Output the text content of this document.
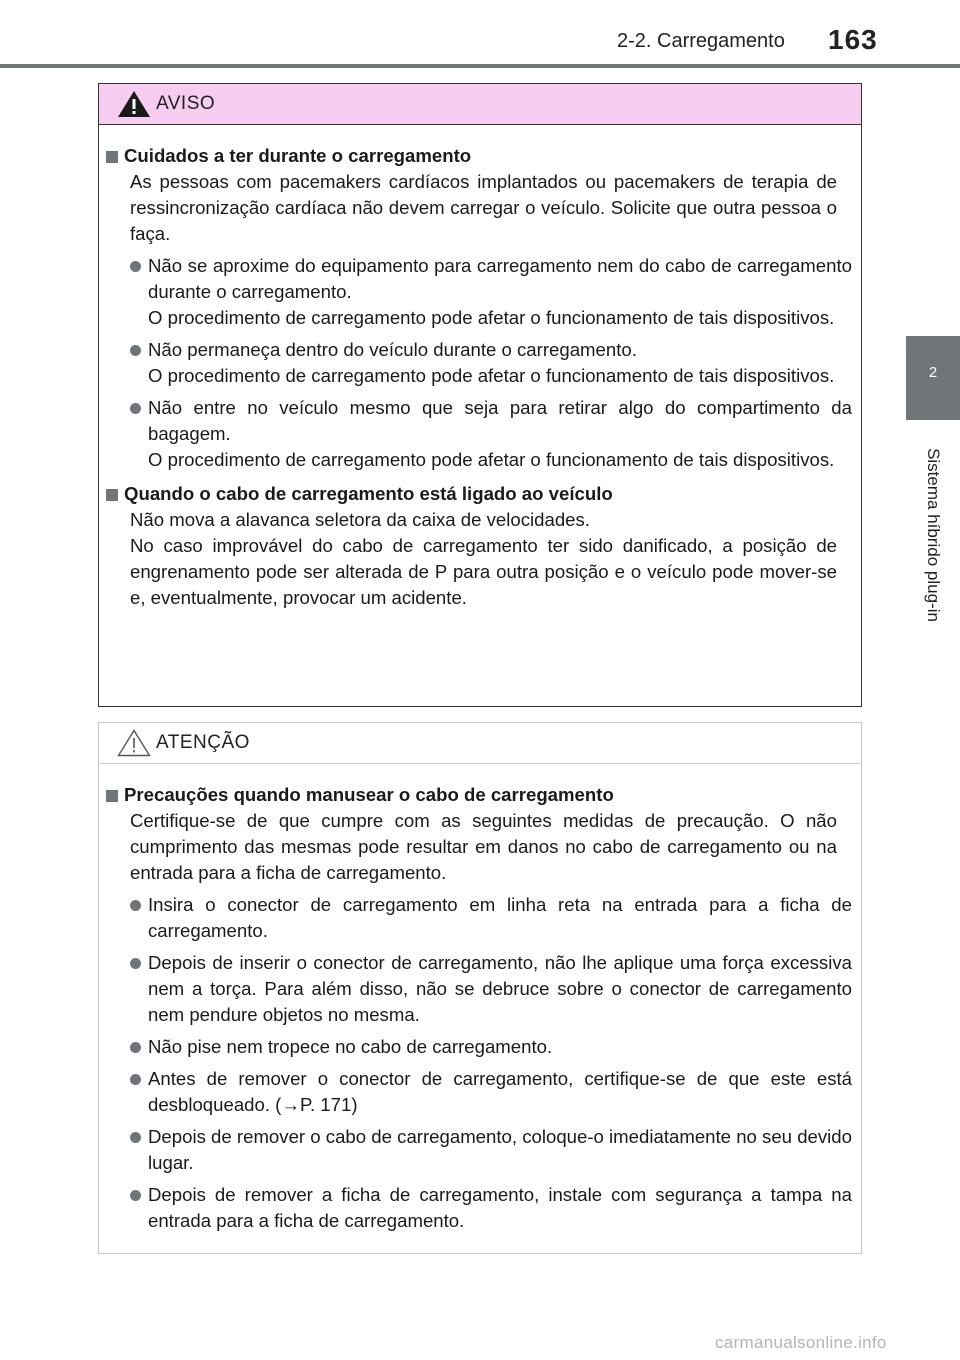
2-2. Carregamento 163
2
Sistema híbrido plug-in
AVISO
Cuidados a ter durante o carregamento
As pessoas com pacemakers cardíacos implantados ou pacemakers de terapia de ressincronização cardíaca não devem carregar o veículo. Solicite que outra pessoa o faça.

Não se aproxime do equipamento para carregamento nem do cabo de carregamento durante o carregamento.

O procedimento de carregamento pode afetar o funcionamento de tais dispositivos.

Não permaneça dentro do veículo durante o carregamento.

O procedimento de carregamento pode afetar o funcionamento de tais dispositivos.

Não entre no veículo mesmo que seja para retirar algo do compartimento da bagagem.

O procedimento de carregamento pode afetar o funcionamento de tais dispositivos.

Quando o cabo de carregamento está ligado ao veículo
Não mova a alavanca seletora da caixa de velocidades.
No caso improvável do cabo de carregamento ter sido danificado, a posição de engrenamento pode ser alterada de P para outra posição e o veículo pode mover-se e, eventualmente, provocar um acidente.
ATENÇÃO
Precauções quando manusear o cabo de carregamento
Certifique-se de que cumpre com as seguintes medidas de precaução. O não cumprimento das mesmas pode resultar em danos no cabo de carregamento ou na entrada para a ficha de carregamento.
Insira o conector de carregamento em linha reta na entrada para a ficha de carregamento.
Depois de inserir o conector de carregamento, não lhe aplique uma força excessiva nem a torça. Para além disso, não se debruce sobre o conector de carregamento nem pendure objetos no mesma.
Não pise nem tropece no cabo de carregamento.
Antes de remover o conector de carregamento, certifique-se de que este está desbloqueado. (→P. 171)
Depois de remover o cabo de carregamento, coloque-o imediatamente no seu devido lugar.
Depois de remover a ficha de carregamento, instale com segurança a tampa na entrada para a ficha de carregamento.
carmanualsonline.info
